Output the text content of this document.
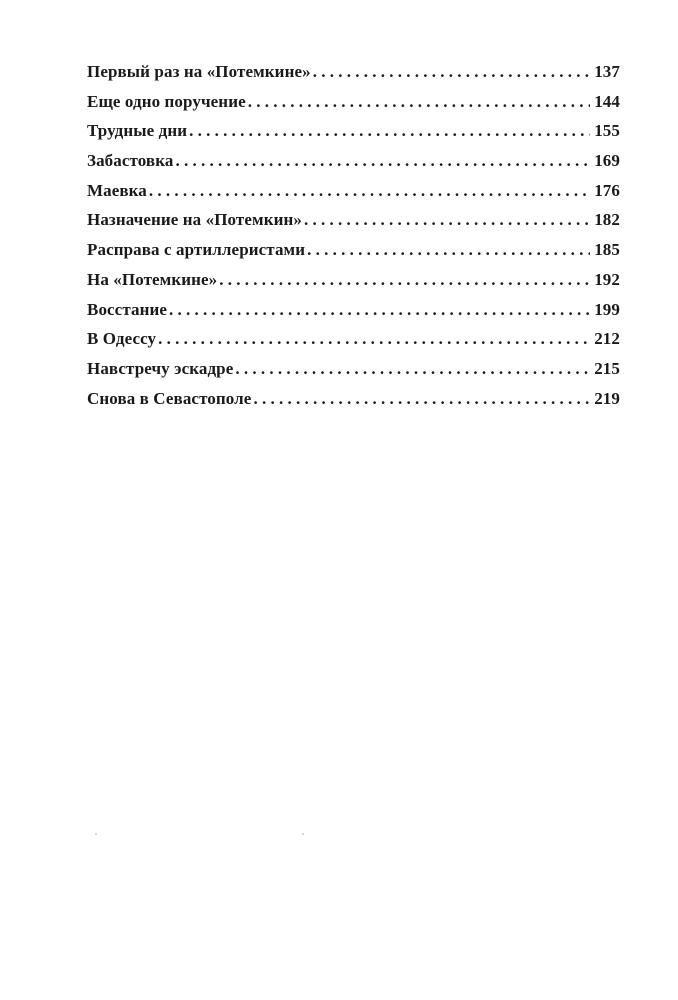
Первый раз на «Потемкине» . . .	137
Еще одно поручение . . .	144
Трудные дни . . .	155
Забастовка . . .	169
Маевка . . .	176
Назначение на «Потемкин» . . .	182
Расправа с артиллеристами . . .	185
На «Потемкине» . . .	192
Восстание . . .	199
В Одессу . . .	212
Навстречу эскадре . . .	215
Снова в Севастополе . . .	219
